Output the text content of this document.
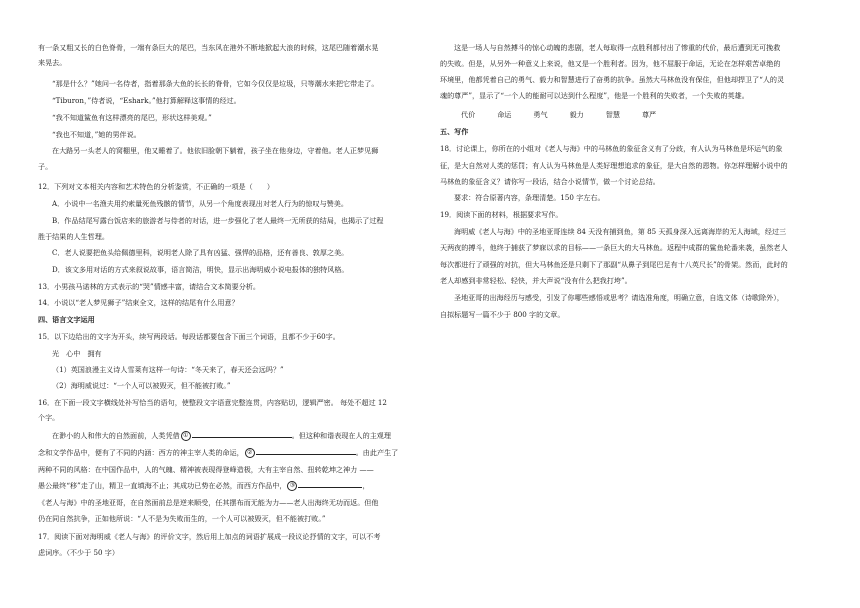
有一条又粗又长的白色脊骨，一端有条巨大的尾巴，当东风在港外不断地掀起大浪的时候，这尾巴随着潮水晃
来晃去。
“那是什么？”她问一名侍者，指着那条大鱼的长长的脊骨，它如今仅仅是垃圾，只等潮水来把它带走了。
“Tiburon，”侍者说，“Eshark。”他打算解释这事情的经过。
“我不知道鲨鱼有这样漂亮的尾巴，形状这样美观。”
“我也不知道，”她的男伴说。
在大路另一头老人的窝棚里，他又睡着了。他依旧脸朝下躺着，孩子坐在他身边，守着他。老人正梦见狮
子。
12．下列对文本相关内容和艺术特色的分析鉴赏，不正确的一项是（　　）
A．小说中一名渔夫用约索量死鱼残骸的情节，从另一个角度表现出对老人行为的惊叹与赞美。
B．作品结尾写露台饭店来的旅游者与侍者的对话，进一步强化了老人最终一无所获的结局，也揭示了过程
胜于结果的人生哲理。
C．老人说要把鱼头给佩德里科，说明老人除了具有凶猛、强悍的品格，还有善良、敦厚之美。
D．该文多用对话的方式来叙说故事，语言简洁，明快，显示出海明威小说电报体的独特风格。
13．小男孩马诺林的方式表示的“哭”情感丰富，请结合文本简要分析。
14．小说以“老人梦见狮子”结束全文，这样的结尾有什么用意？
四、语言文字运用
15．以下边给出的文字为开头，续写两段话。每段话都要包含下面三个词语，且都不少于60字。
光　心中　拥有
（1）英国浪漫主义诗人雪莱有这样一句诗：“冬天来了，春天还会远吗？”
（2）海明威说过：“一个人可以被毁灭，但不能被打败。”
16．在下面一段文字横线处补写恰当的语句，使整段文字语意完整连贯，内容贴切，逻辑严密。 每处不超过 12
个字。
在渺小的人和伟大的自然面前，人类凭借 ①	。但这种和谐表现在人的主观理
念和文学作品中，便有了不同的内涵：西方的神主宰人类的命运， ②	。由此产生了
两种不同的风格：在中国作品中，人的气魄、精神被表现得登峰造极，大有主宰自然、扭转乾坤之神力 ——
愚公最终“移”走了山，精卫一直填海不止；其成功已势在必然，而西方作品中， ③	，
《老人与海》中的圣地亚哥，在自然面前总是逆来顺受，任其摆布而无能为力——老人出海终无功而返。但他
仍在同自然抗争，正如他所说：“人不是为失败而生的，一个人可以被毁灭，但不能被打败。”
17．阅读下面对海明威《老人与海》的评价文字，然后用上加点的词语扩展成一段议论抒情的文字，可以不考
虑词序。（不少于 50 字）
这是一场人与自然搏斗的惊心动魄的悲剧，老人每取得一点胜利都付出了惨重的代价，最后遭到无可挽救
的失败。但是，从另外一种意义上来说，他又是一个胜利者。因为，他不屈服于命运，无论在怎样艰苦卓绝的
环境里，他都凭着自己的勇气、毅力和智慧进行了奋勇的抗争。虽然大马林鱼没有保住，但他却捍卫了“人的灵
魂的尊严”，显示了“一个人的能耐可以达到什么程度”，他是一个胜利的失败者，一个失败的英雄。
代价	命运	勇气	毅力	智慧	尊严
五、写作
18．讨论课上，你所在的小组对《老人与海》中的马林鱼的象征含义有了分歧，有人认为马林鱼是坏运气的象
征，是大自然对人类的惩罚；有人认为马林鱼是人类好理想追求的象征，是大自然的恩物。你怎样理解小说中的
马林鱼的象征含义？请你写一段话，结合小说情节，做一个讨论总结。
要求：符合原著内容，条理清楚。150 字左右。
19．阅读下面的材料，根据要求写作。
海明威《老人与海》中的圣地亚哥连续 84 天没有捕到鱼，第 85 天孤身深入远离海岸的无人海域，经过三
天两夜的搏斗，他终于捕获了梦寐以求的目标——一条巨大的大马林鱼。返程中成群的鲨鱼轮番来袭，虽然老人
每次都进行了顽强的对抗，但大马林鱼还是只剩下了那副“从鼻子到尾巴足有十八英尺长”的骨架。然而，此时的
老人却感到非常轻松、轻快，并大声说“没有什么把我打垮”。
圣地亚哥的出海经历与感受，引发了你哪些感悟或思考？请选准角度，明确立意，自选文体（诗歌除外），
自拟标题写一篇不少于 800 字的文章。
